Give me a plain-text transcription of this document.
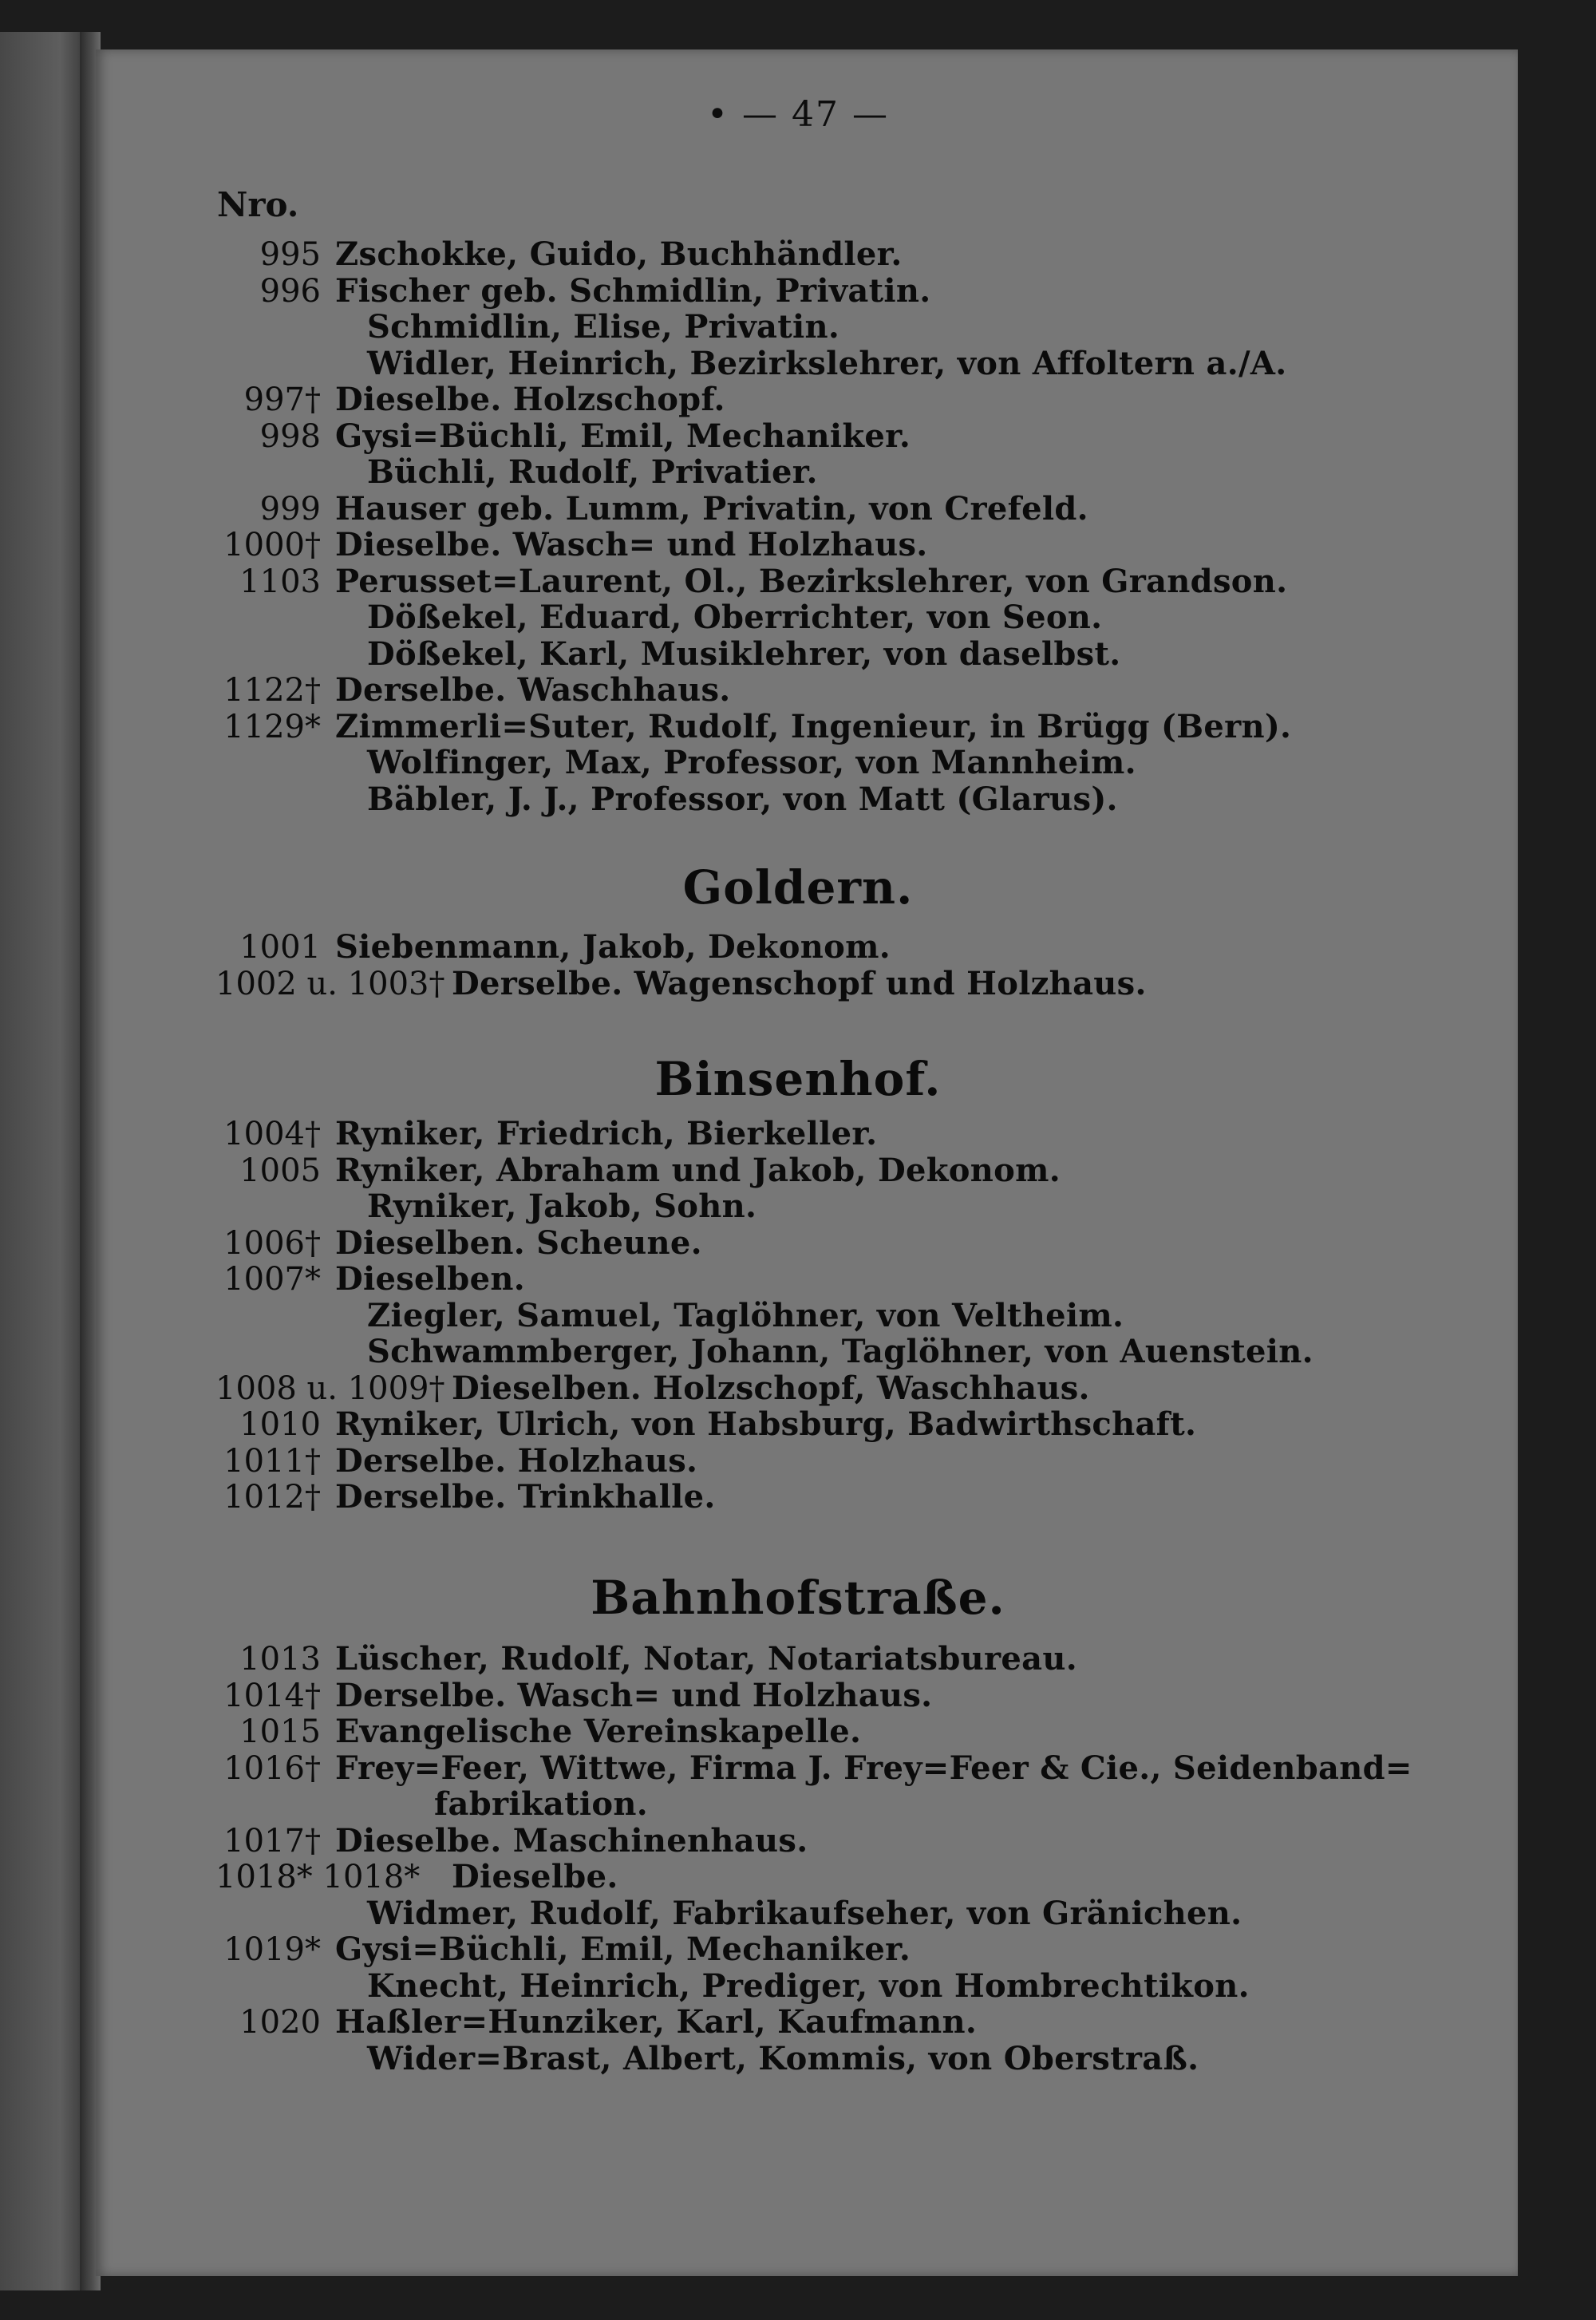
• — 47 —
Nro.
995 Zschokke, Guido, Buchhändler.
996 Fischer geb. Schmidlin, Privatin.
Schmidlin, Elise, Privatin.
Widler, Heinrich, Bezirkslehrer, von Affoltern a./A.
997† Dieselbe. Holzschopf.
998 Gysi=Büchli, Emil, Mechaniker.
Büchli, Rudolf, Privatier.
999 Hauser geb. Lumm, Privatin, von Crefeld.
1000† Dieselbe. Wasch= und Holzhaus.
1103 Perusset=Laurent, Ol., Bezirkslehrer, von Grandson.
Dößekel, Eduard, Oberrichter, von Seon.
Dößekel, Karl, Musiklehrer, von daselbst.
1122† Derselbe. Waschhaus.
1129* Zimmerli=Suter, Rudolf, Ingenieur, in Brügg (Bern).
Wolfinger, Max, Professor, von Mannheim.
Bäbler, J. J., Professor, von Matt (Glarus).
Goldern.
1001 Siebenmann, Jakob, Dekonom.
1002 u. 1003† Derselbe. Wagenschopf und Holzhaus.
Binsenhof.
1004† Ryniker, Friedrich, Bierkeller.
1005 Ryniker, Abraham und Jakob, Dekonom.
Ryniker, Jakob, Sohn.
1006† Dieselben. Scheune.
1007* Dieselben.
Ziegler, Samuel, Taglöhner, von Veltheim.
Schwammberger, Johann, Taglöhner, von Auenstein.
1008 u. 1009† Dieselben. Holzschopf, Waschhaus.
1010 Ryniker, Ulrich, von Habsburg, Badwirthschaft.
1011† Derselbe. Holzhaus.
1012† Derselbe. Trinkhalle.
Bahnhofstraße.
1013 Lüscher, Rudolf, Notar, Notariatsbureau.
1014† Derselbe. Wasch= und Holzhaus.
1015 Evangelische Vereinskapelle.
1016† Frey=Feer, Wittwe, Firma J. Frey=Feer & Cie., Seidenband=
fabrikation.
1017† Dieselbe. Maschinenhaus.
1018* 1018* Dieselbe.
Widmer, Rudolf, Fabrikaufseher, von Gränichen.
1019* Gysi=Büchli, Emil, Mechaniker.
Knecht, Heinrich, Prediger, von Hombrechtikon.
1020 Haßler=Hunziker, Karl, Kaufmann.
Wider=Brast, Albert, Kommis, von Oberstraß.
